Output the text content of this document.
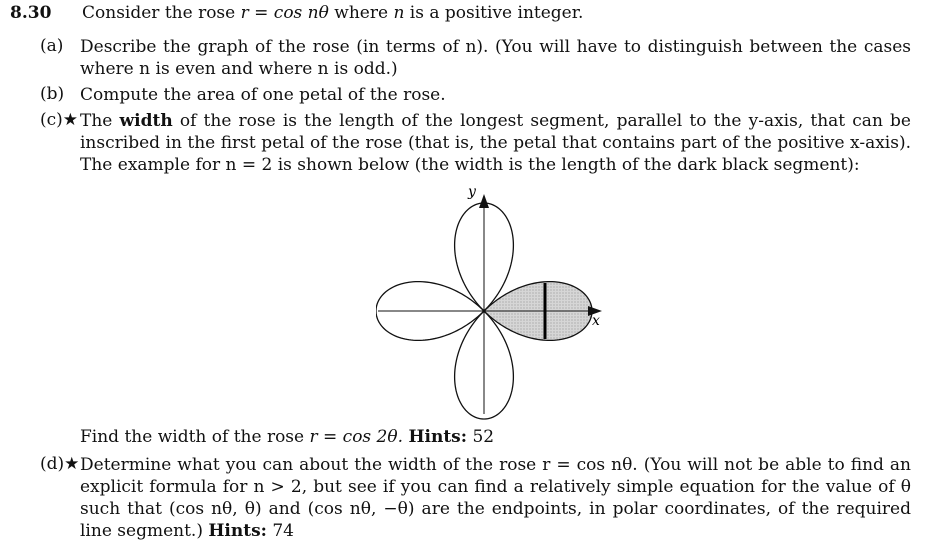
8.30 Consider the rose r = cos nθ where n is a positive integer.
(a) Describe the graph of the rose (in terms of n). (You will have to distinguish between the cases where n is even and where n is odd.)
(b) Compute the area of one petal of the rose.
(c)★ The width of the rose is the length of the longest segment, parallel to the y-axis, that can be inscribed in the first petal of the rose (that is, the petal that contains part of the positive x-axis). The example for n = 2 is shown below (the width is the length of the dark black segment):
x
y
Find the width of the rose r = cos 2θ. Hints: 52
(d)★ Determine what you can about the width of the rose r = cos nθ. (You will not be able to find an explicit formula for n > 2, but see if you can find a relatively simple equation for the value of θ such that (cos nθ, θ) and (cos nθ, −θ) are the endpoints, in polar coordinates, of the required line segment.) Hints: 74
